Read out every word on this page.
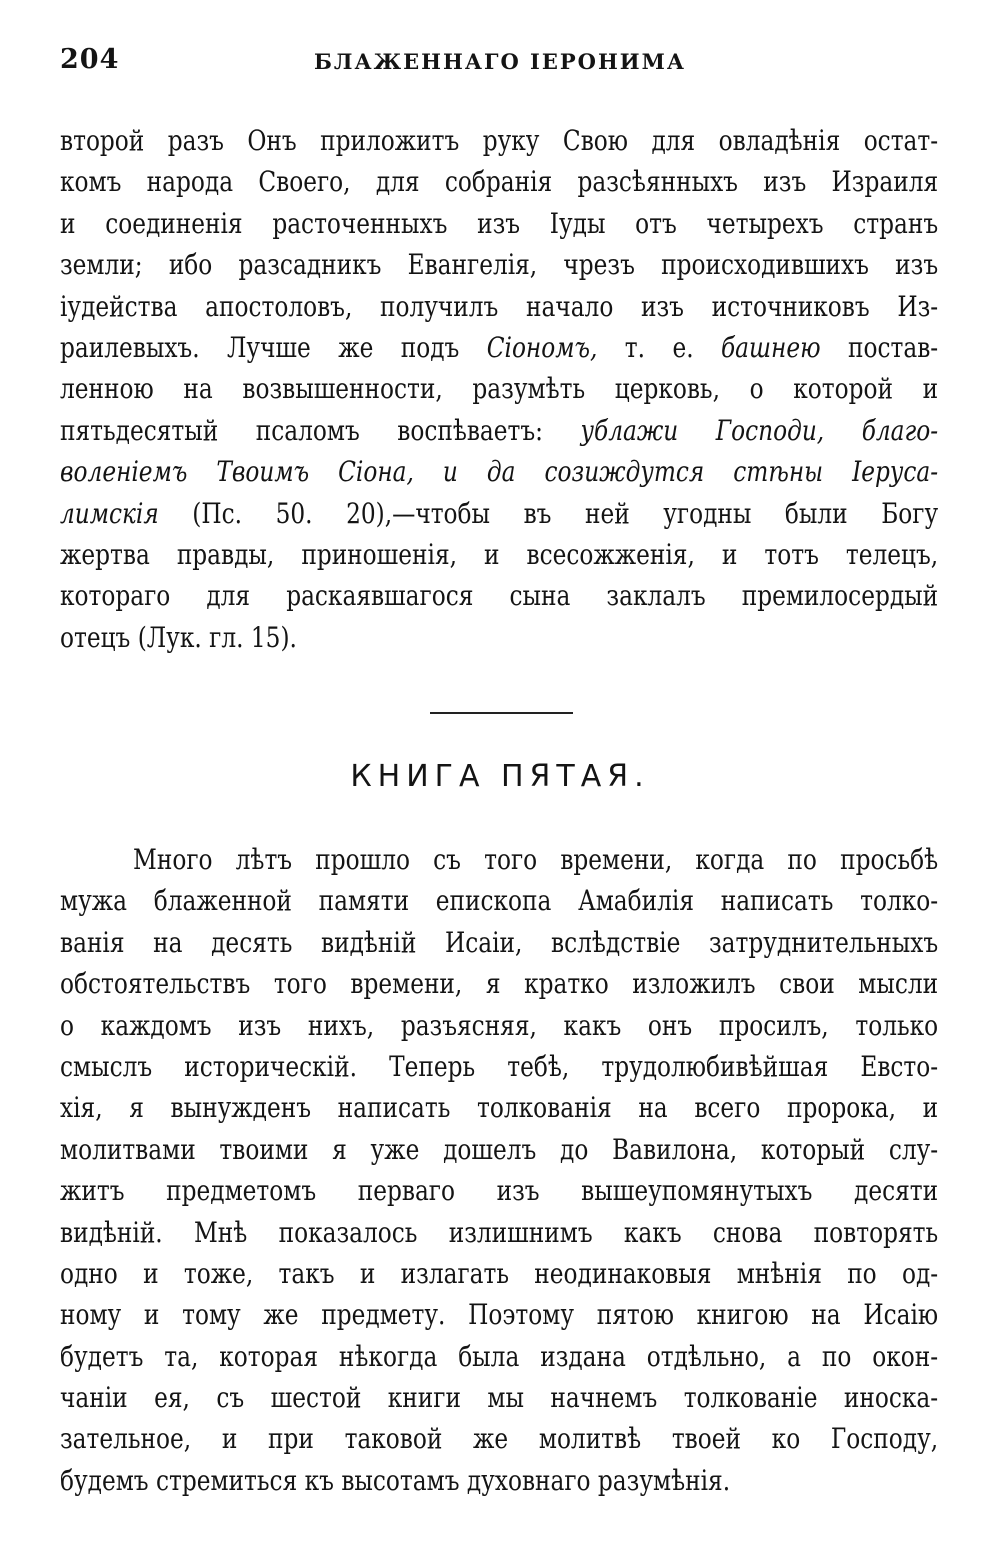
204	БЛАЖЕННАГО ІЕРОНИМА
второй разъ Онъ приложитъ руку Свою для овладѣнія остат-
комъ народа Своего, для собранія разсѣянныхъ изъ Израиля
и соединенія расточенныхъ изъ Іуды отъ четырехъ странъ
земли; ибо разсадникъ Евангелія, чрезъ происходившихъ изъ
іудейства апостоловъ, получилъ начало изъ источниковъ Из-
раилевыхъ. Лучше же подъ Сіономъ, т. е. башнею постав-
ленною на возвышенности, разумѣть церковь, о которой и
пятьдесятый псаломъ воспѣваетъ: ублажи Господи, благо-
воленіемъ Твоимъ Сіона, и да созиждутся стѣны Іеруса-
лимскія (Пс. 50. 20),—чтобы въ ней угодны были Богу
жертва правды, приношенія, и всесожженія, и тотъ телецъ,
котораго для раскаявшагося сына заклалъ премилосердый
отецъ (Лук. гл. 15).
КНИГА ПЯТАЯ.
Много лѣтъ прошло съ того времени, когда по просьбѣ
мужа блаженной памяти епископа Амабилія написать толко-
ванія на десять видѣній Исаіи, вслѣдствіе затруднительныхъ
обстоятельствъ того времени, я кратко изложилъ свои мысли
о каждомъ изъ нихъ, разъясняя, какъ онъ просилъ, только
смыслъ историческій. Теперь тебѣ, трудолюбивѣйшая Евсто-
хія, я вынужденъ написать толкованія на всего пророка, и
молитвами твоими я уже дошелъ до Вавилона, который слу-
житъ предметомъ перваго изъ вышеупомянутыхъ десяти
видѣній. Мнѣ показалось излишнимъ какъ снова повторять
одно и тоже, такъ и излагать неодинаковыя мнѣнія по од-
ному и тому же предмету. Поэтому пятою книгою на Исаію
будетъ та, которая нѣкогда была издана отдѣльно, а по окон-
чаніи ея, съ шестой книги мы начнемъ толкованіе иноска-
зательное, и при таковой же молитвѣ твоей ко Господу,
будемъ стремиться къ высотамъ духовнаго разумѣнія.
